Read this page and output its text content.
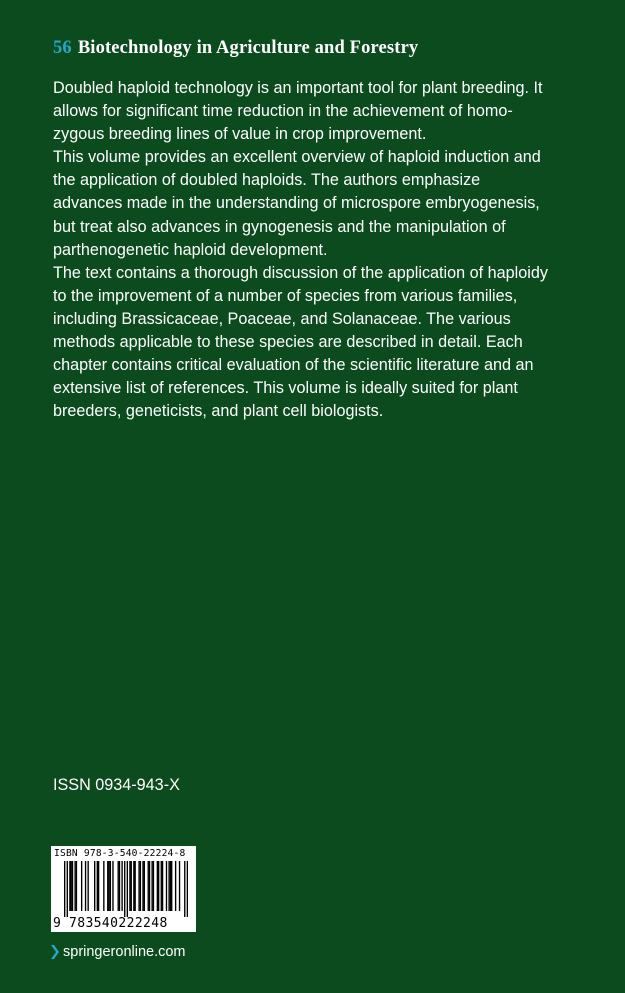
56 Biotechnology in Agriculture and Forestry

Doubled haploid technology is an important tool for plant breeding. It allows for significant time reduction in the achievement of homo-zygous breeding lines of value in crop improvement.

This volume provides an excellent overview of haploid induction and the application of doubled haploids. The authors emphasize advances made in the understanding of microspore embryogenesis, but treat also advances in gynogenesis and the manipulation of parthenogenetic haploid development.

The text contains a thorough discussion of the application of haploidy to the improvement of a number of species from various families, including Brassicaceae, Poaceae, and Solanaceae. The various methods applicable to these species are described in detail. Each chapter contains critical evaluation of the scientific literature and an extensive list of references. This volume is ideally suited for plant breeders, geneticists, and plant cell biologists.

ISSN 0934-943-X
ISBN 978-3-540-22224-8
9 783540222248
springeronline.com
